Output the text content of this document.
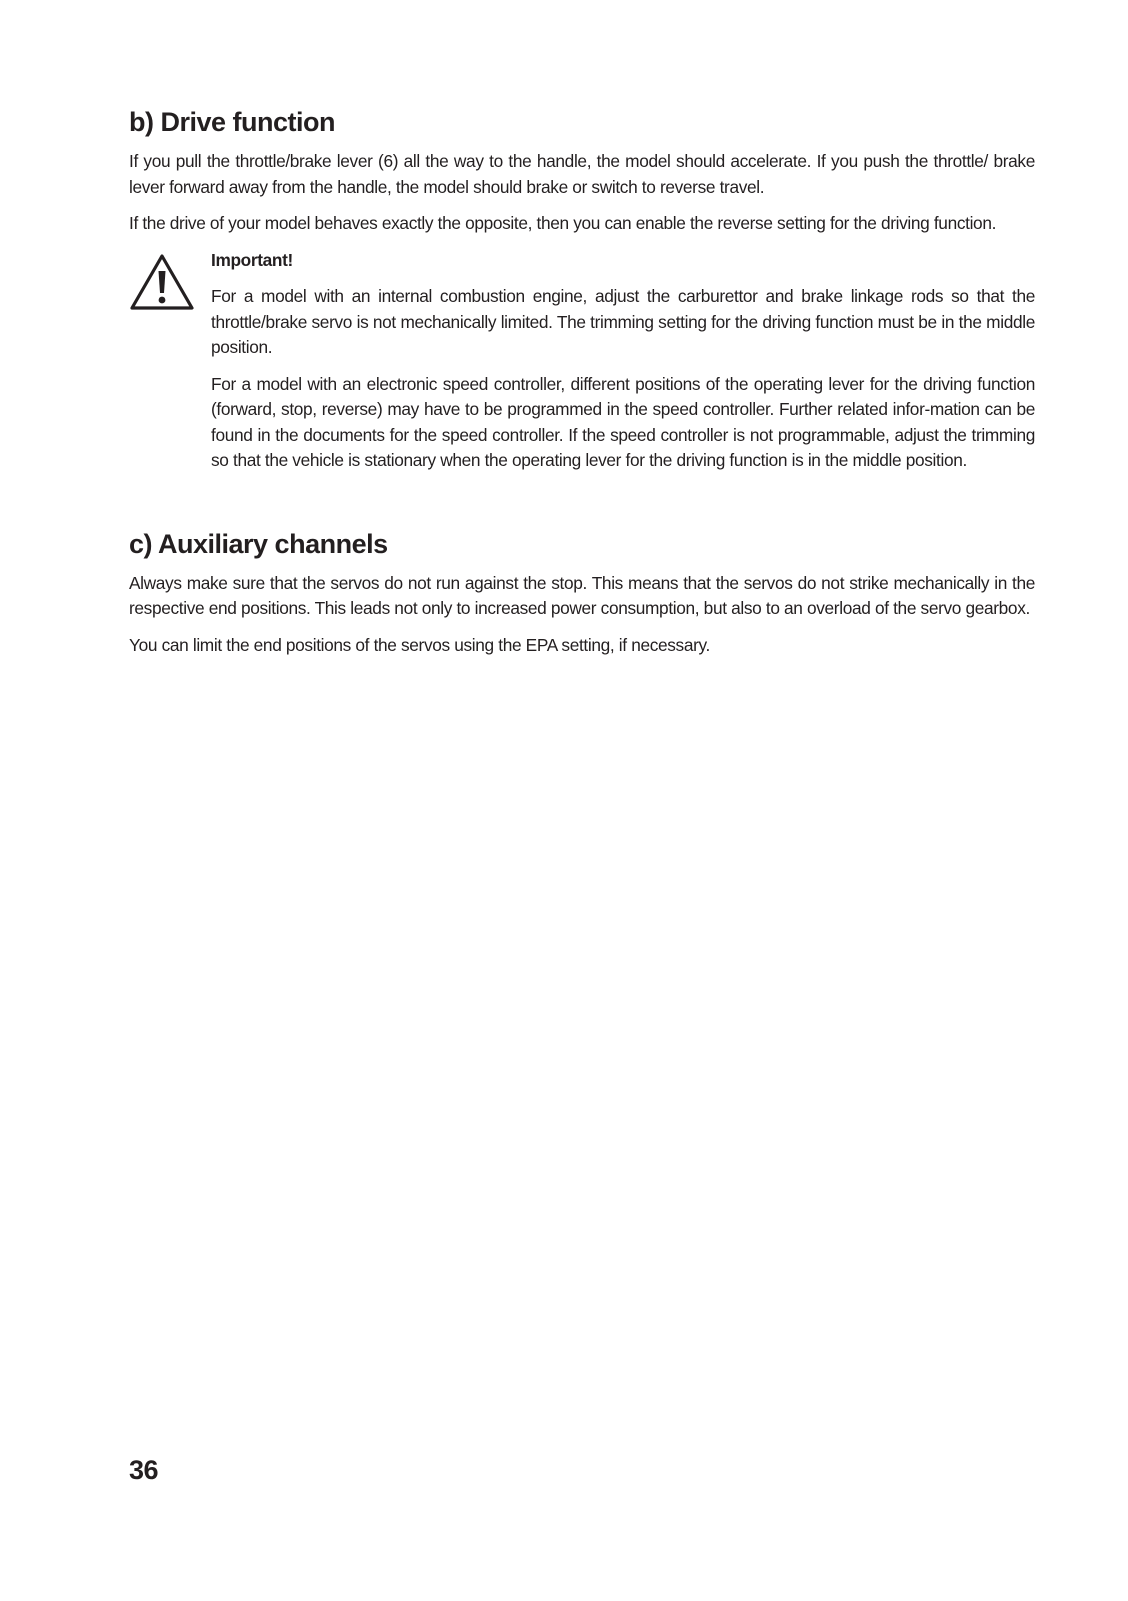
b) Drive function

If you pull the throttle/brake lever (6) all the way to the handle, the model should accelerate. If you push the throttle/ brake lever forward away from the handle, the model should brake or switch to reverse travel.

If the drive of your model behaves exactly the opposite, then you can enable the reverse setting for the driving function.

Important!

For a model with an internal combustion engine, adjust the carburettor and brake linkage rods so that the throttle/brake servo is not mechanically limited. The trimming setting for the driving function must be in the middle position.

For a model with an electronic speed controller, different positions of the operating lever for the driving function (forward, stop, reverse) may have to be programmed in the speed controller. Further related infor-mation can be found in the documents for the speed controller. If the speed controller is not programmable, adjust the trimming so that the vehicle is stationary when the operating lever for the driving function is in the middle position.

c) Auxiliary channels

Always make sure that the servos do not run against the stop. This means that the servos do not strike mechanically in the respective end positions. This leads not only to increased power consumption, but also to an overload of the servo gearbox.

You can limit the end positions of the servos using the EPA setting, if necessary.

36
